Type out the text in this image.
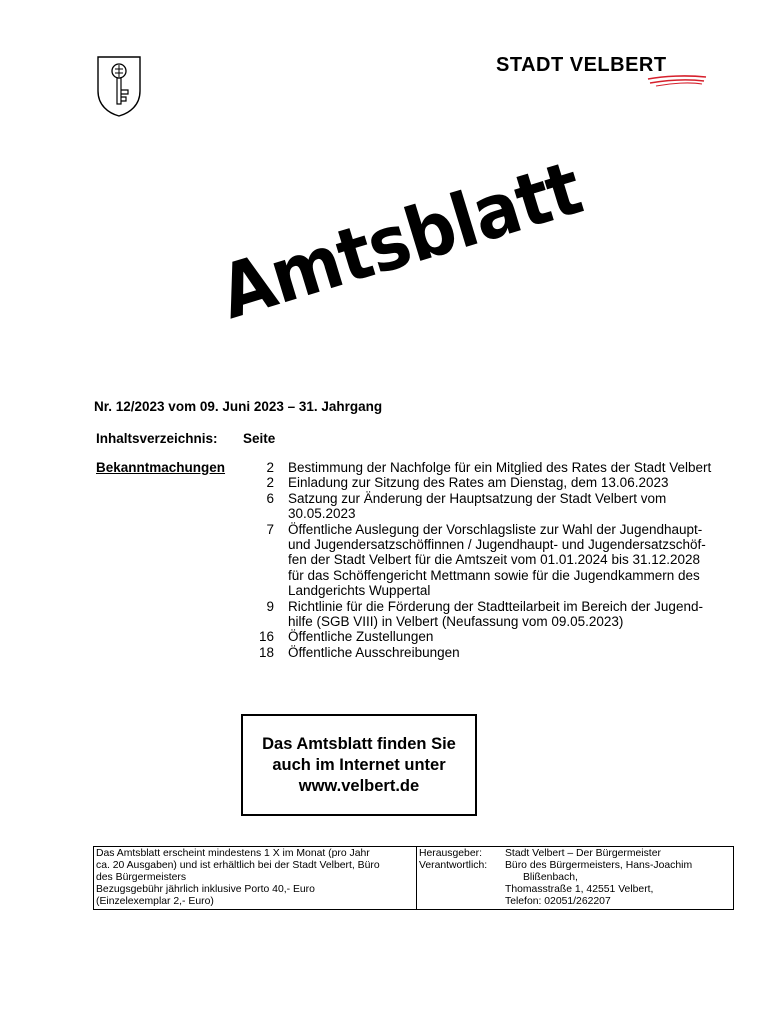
STADT VELBERT
Amtsblatt
Nr. 12/2023 vom 09. Juni 2023 – 31. Jahrgang
Inhaltsverzeichnis: Seite
Bekanntmachungen	2	Bestimmung der Nachfolge für ein Mitglied des Rates der Stadt Velbert
2	Einladung zur Sitzung des Rates am Dienstag, dem 13.06.2023
6	Satzung zur Änderung der Hauptsatzung der Stadt Velbert vom
30.05.2023
7	Öffentliche Auslegung der Vorschlagsliste zur Wahl der Jugendhaupt-
und Jugendersatzschöffinnen / Jugendhaupt- und Jugendersatzschöf-
fen der Stadt Velbert für die Amtszeit vom 01.01.2024 bis 31.12.2028
für das Schöffengericht Mettmann sowie für die Jugendkammern des
Landgerichts Wuppertal
9	Richtlinie für die Förderung der Stadtteilarbeit im Bereich der Jugend-
hilfe (SGB VIII) in Velbert (Neufassung vom 09.05.2023)
16	Öffentliche Zustellungen
18	Öffentliche Ausschreibungen
Das Amtsblatt finden Sie
auch im Internet unter
www.velbert.de
Das Amtsblatt erscheint mindestens 1 X im Monat (pro Jahr
ca. 20 Ausgaben) und ist erhältlich bei der Stadt Velbert, Büro
des Bürgermeisters
Bezugsgebühr jährlich inklusive Porto 40,- Euro
(Einzelexemplar 2,- Euro)

Herausgeber:	Stadt Velbert – Der Bürgermeister
Verantwortlich:	Büro des Bürgermeisters, Hans-Joachim
Blißenbach,
Thomasstraße 1, 42551 Velbert,
Telefon: 02051/262207
